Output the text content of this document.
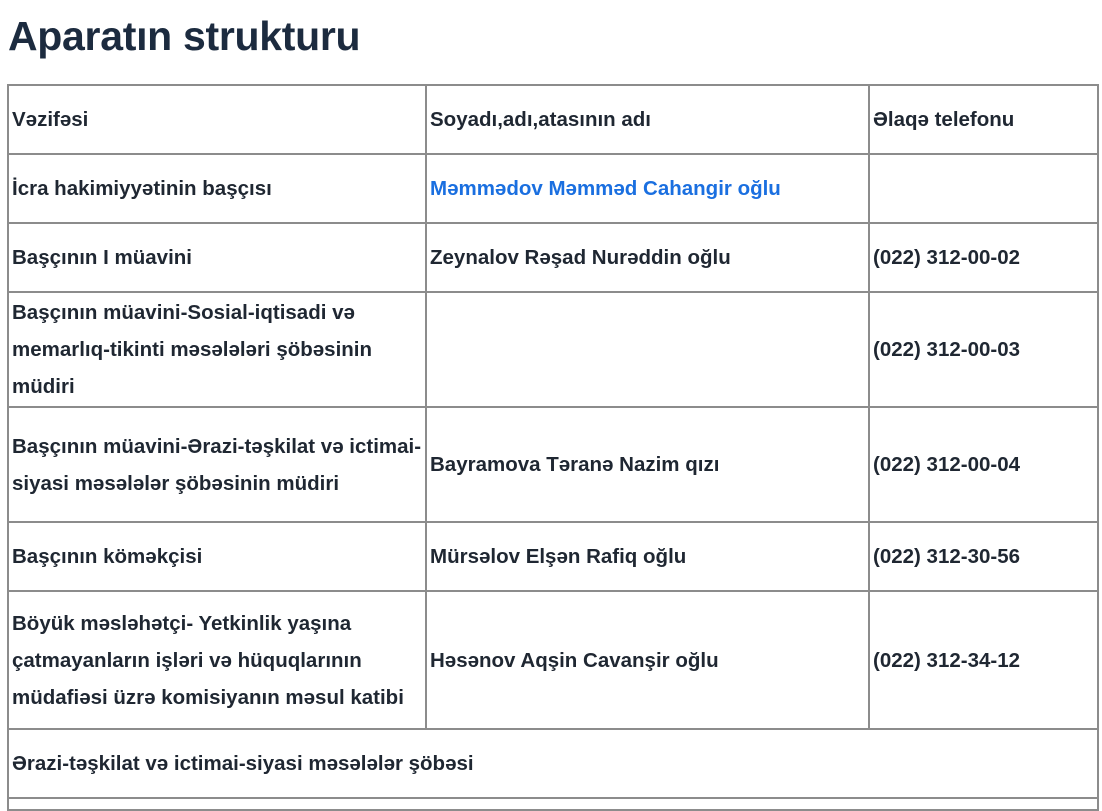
Aparatın strukturu
Vəzifəsi	Soyadı,adı,atasının adı	Əlaqə telefonu
İcra hakimiyyətinin başçısı	Məmmədov Məmməd Cahangir oğlu	
Başçının I müavini	Zeynalov Rəşad Nurəddin oğlu	(022) 312-00-02
Başçının müavini-Sosial-iqtisadi və memarlıq-tikinti məsələləri şöbəsinin müdiri		(022) 312-00-03
Başçının müavini-Ərazi-təşkilat və ictimai-siyasi məsələlər şöbəsinin müdiri	Bayramova Təranə Nazim qızı	(022) 312-00-04
Başçının köməkçisi	Mürsəlov Elşən Rafiq oğlu	(022) 312-30-56
Böyük məsləhətçi- Yetkinlik yaşına çatmayanların işləri və hüquqlarının müdafiəsi üzrə komisiyanın məsul katibi	Həsənov Aqşin Cavanşir oğlu	(022) 312-34-12
Ərazi-təşkilat və ictimai-siyasi məsələlər şöbəsi		
